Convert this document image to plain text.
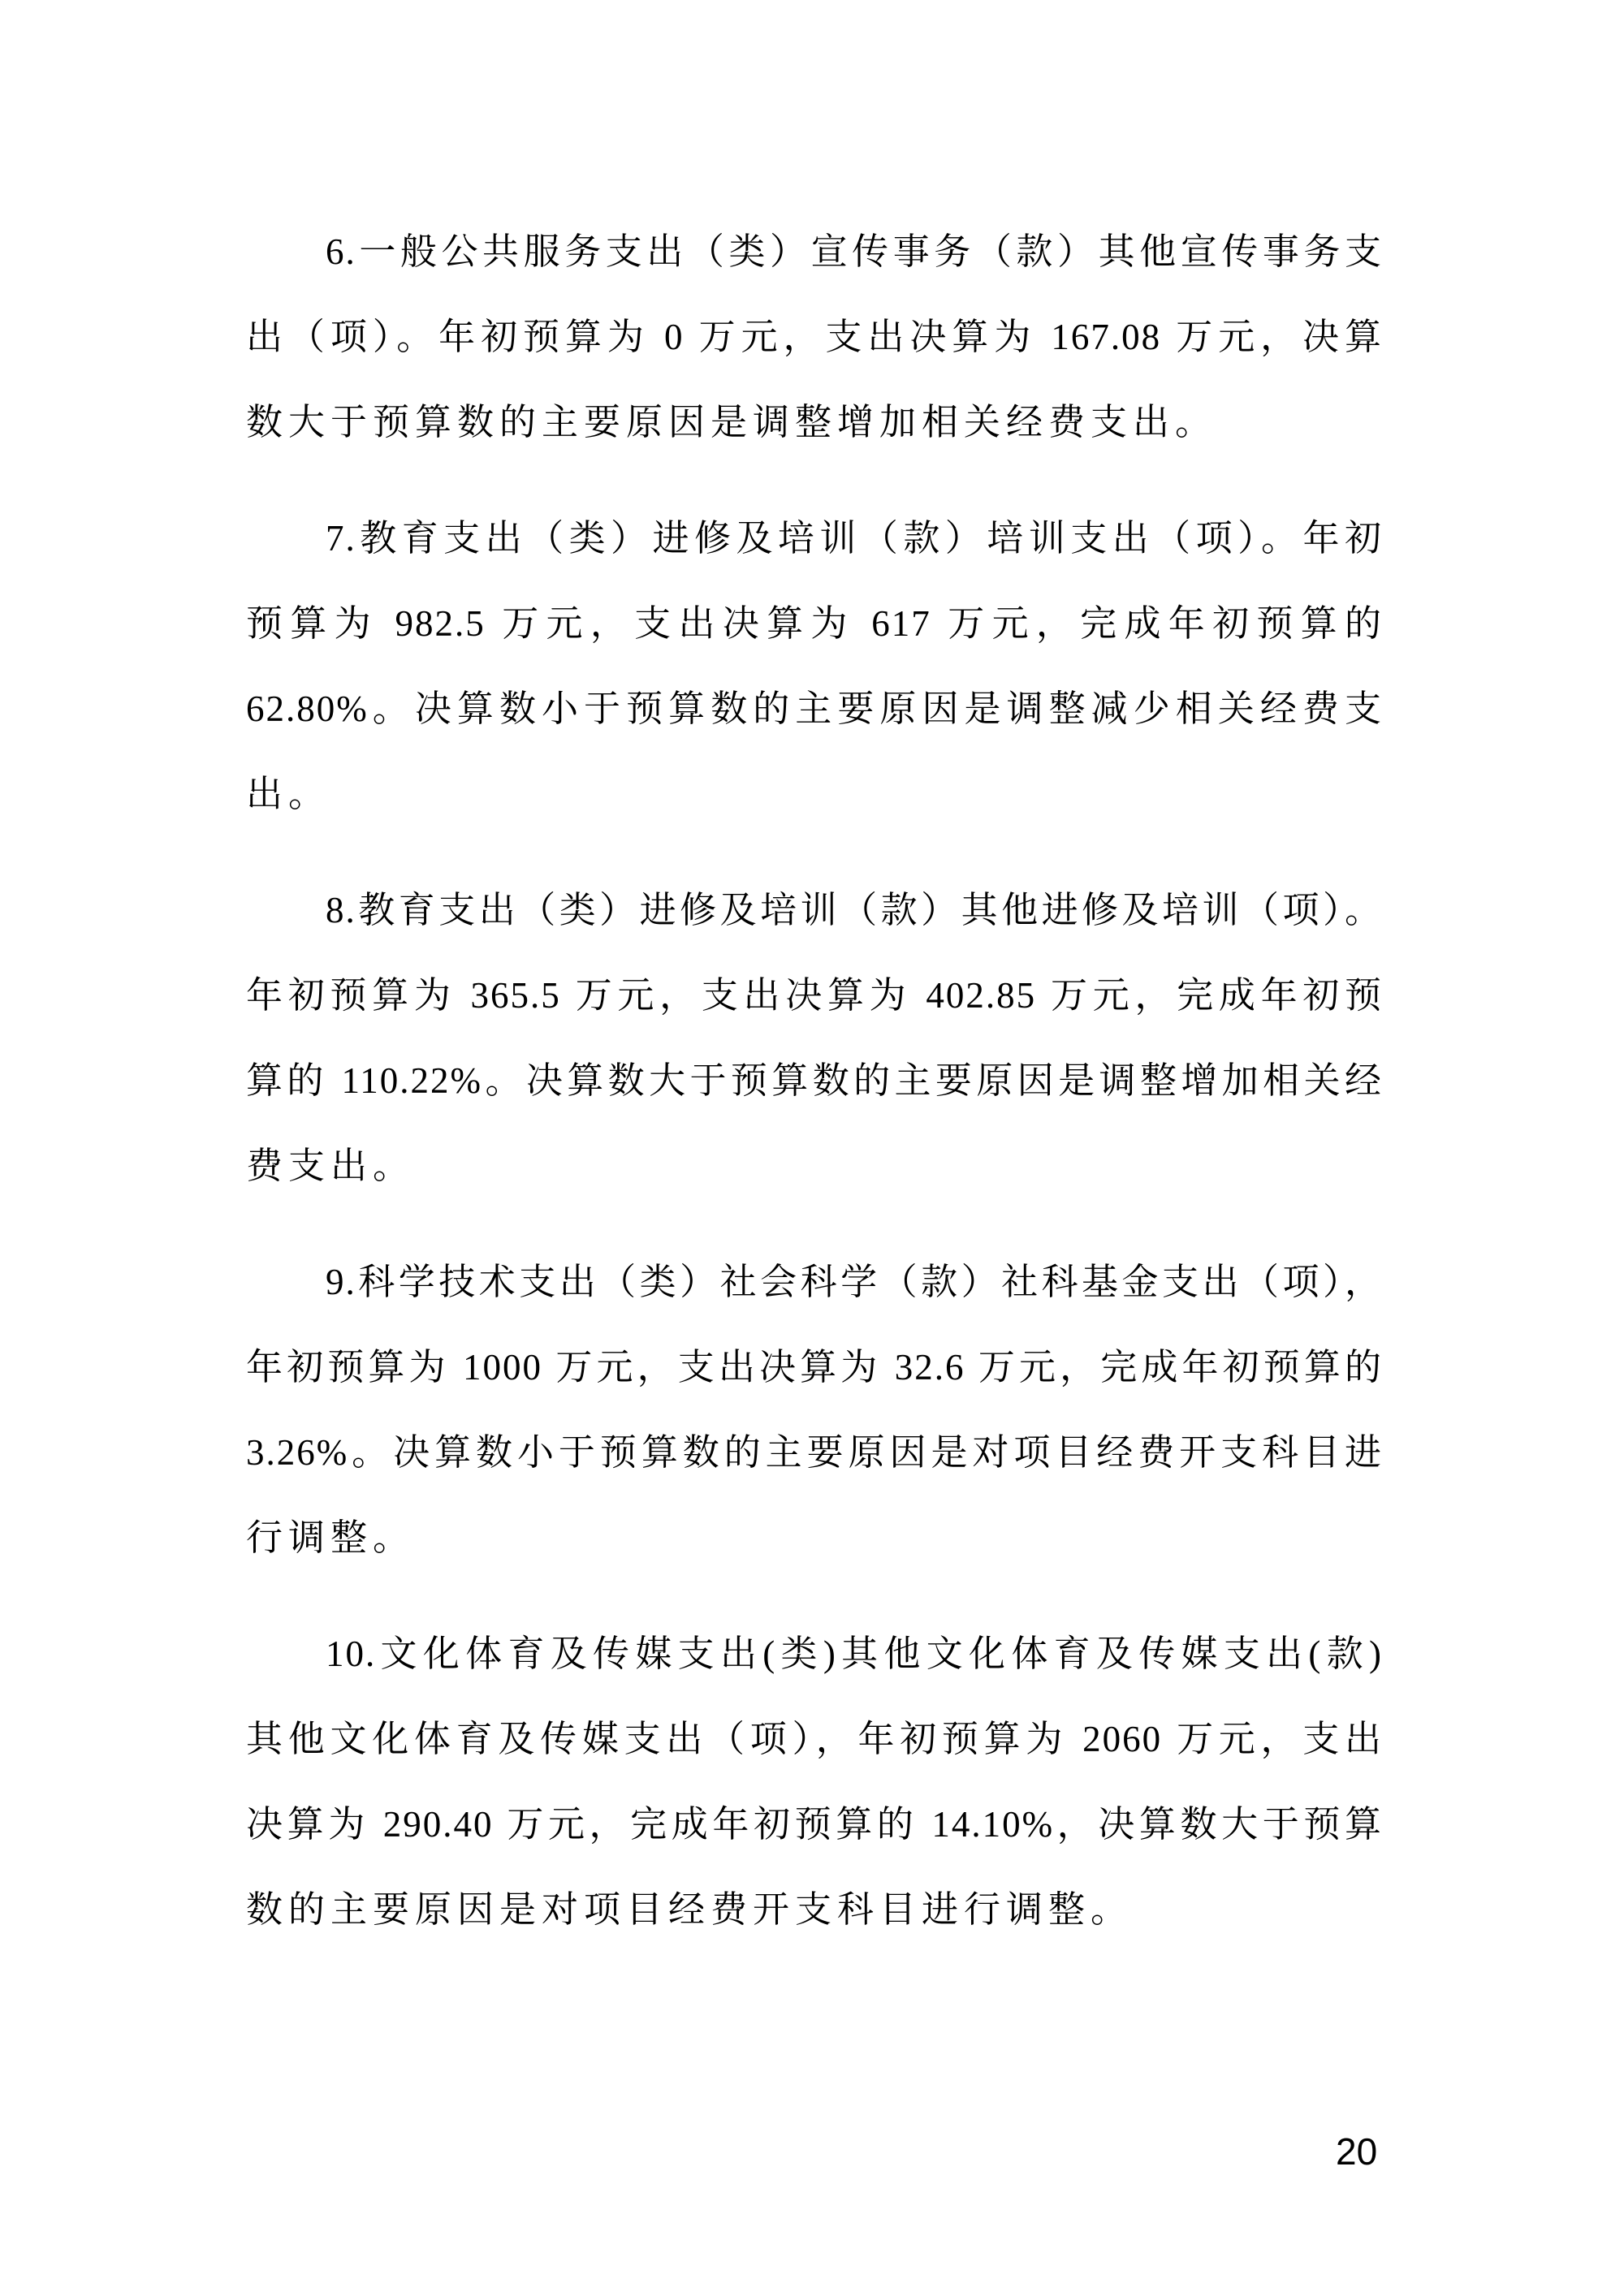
6.一般公共服务支出（类）宣传事务（款）其他宣传事务支
出（项）。年初预算为 0 万元，支出决算为 167.08 万元，决算
数大于预算数的主要原因是调整增加相关经费支出。
7.教育支出（类）进修及培训（款）培训支出（项）。年初
预算为 982.5 万元，支出决算为 617 万元，完成年初预算的
62.80%。决算数小于预算数的主要原因是调整减少相关经费支
出。
8.教育支出（类）进修及培训（款）其他进修及培训（项）。
年初预算为 365.5 万元，支出决算为 402.85 万元，完成年初预
算的 110.22%。决算数大于预算数的主要原因是调整增加相关经
费支出。
9.科学技术支出（类）社会科学（款）社科基金支出（项），
年初预算为 1000 万元，支出决算为 32.6 万元，完成年初预算的
3.26%。决算数小于预算数的主要原因是对项目经费开支科目进
行调整。
10.文化体育及传媒支出(类)其他文化体育及传媒支出(款)
其他文化体育及传媒支出（项），年初预算为 2060 万元，支出
决算为 290.40 万元，完成年初预算的 14.10%，决算数大于预算
数的主要原因是对项目经费开支科目进行调整。
20
